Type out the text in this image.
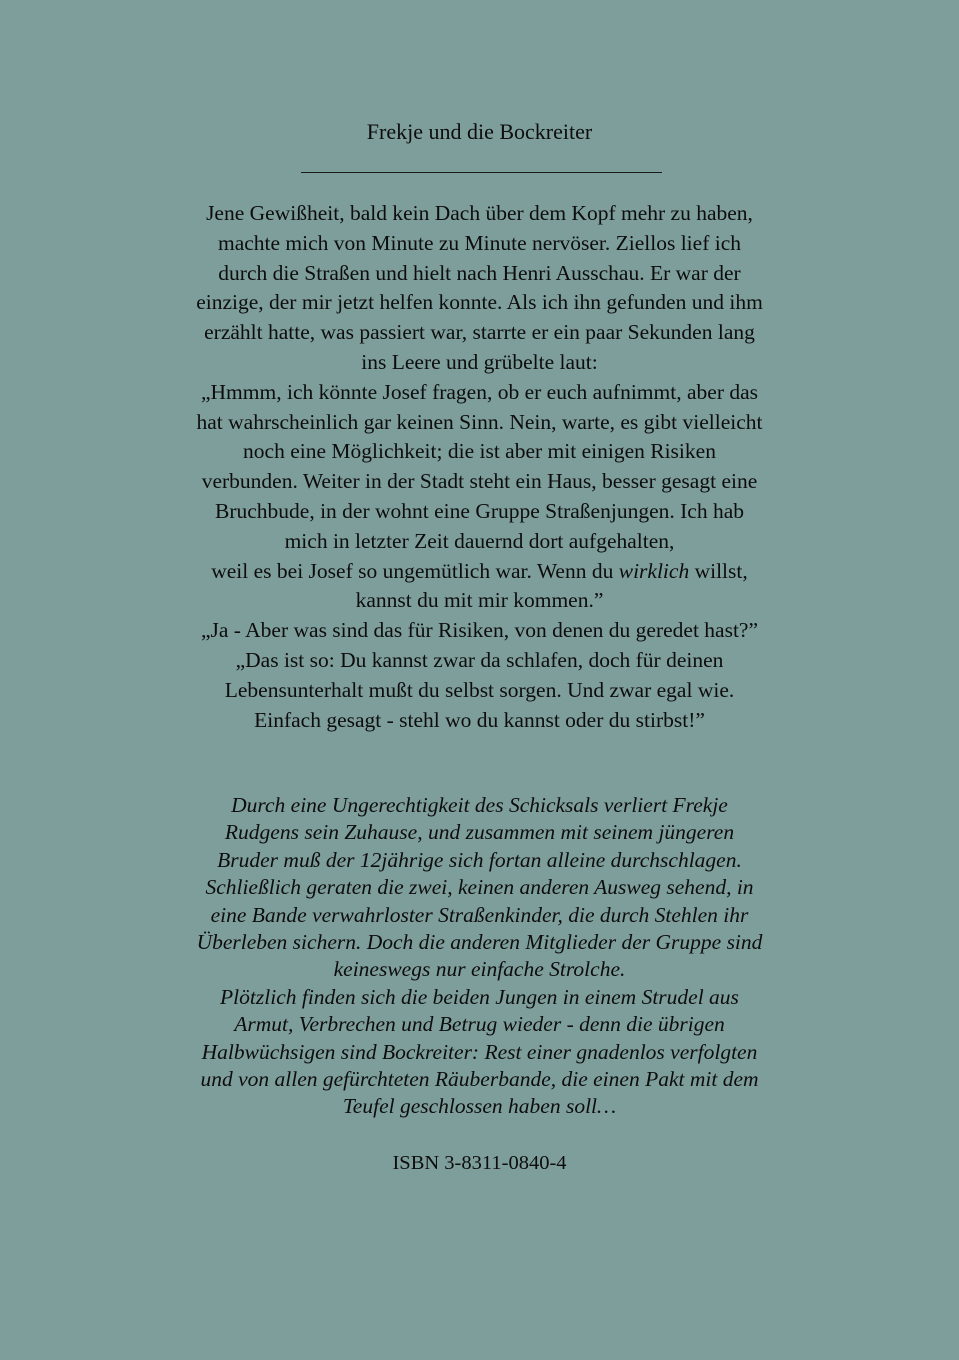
Frekje und die Bockreiter
Jene Gewißheit, bald kein Dach über dem Kopf mehr zu haben,
machte mich von Minute zu Minute nervöser. Ziellos lief ich
durch die Straßen und hielt nach Henri Ausschau. Er war der
einzige, der mir jetzt helfen konnte. Als ich ihn gefunden und ihm
erzählt hatte, was passiert war, starrte er ein paar Sekunden lang
ins Leere und grübelte laut:
„Hmmm, ich könnte Josef fragen, ob er euch aufnimmt, aber das
hat wahrscheinlich gar keinen Sinn. Nein, warte, es gibt vielleicht
noch eine Möglichkeit; die ist aber mit einigen Risiken
verbunden. Weiter in der Stadt steht ein Haus, besser gesagt eine
Bruchbude, in der wohnt eine Gruppe Straßenjungen. Ich hab
mich in letzter Zeit dauernd dort aufgehalten,
weil es bei Josef so ungemütlich war. Wenn du wirklich willst,
kannst du mit mir kommen.”
„Ja - Aber was sind das für Risiken, von denen du geredet hast?”
„Das ist so: Du kannst zwar da schlafen, doch für deinen
Lebensunterhalt mußt du selbst sorgen. Und zwar egal wie.
Einfach gesagt - stehl wo du kannst oder du stirbst!”
Durch eine Ungerechtigkeit des Schicksals verliert Frekje
Rudgens sein Zuhause, und zusammen mit seinem jüngeren
Bruder muß der 12jährige sich fortan alleine durchschlagen.
Schließlich geraten die zwei, keinen anderen Ausweg sehend, in
eine Bande verwahrloster Straßenkinder, die durch Stehlen ihr
Überleben sichern. Doch die anderen Mitglieder der Gruppe sind
keineswegs nur einfache Strolche.
Plötzlich finden sich die beiden Jungen in einem Strudel aus
Armut, Verbrechen und Betrug wieder - denn die übrigen
Halbwüchsigen sind Bockreiter: Rest einer gnadenlos verfolgten
und von allen gefürchteten Räuberbande, die einen Pakt mit dem
Teufel geschlossen haben soll…
ISBN 3-8311-0840-4
